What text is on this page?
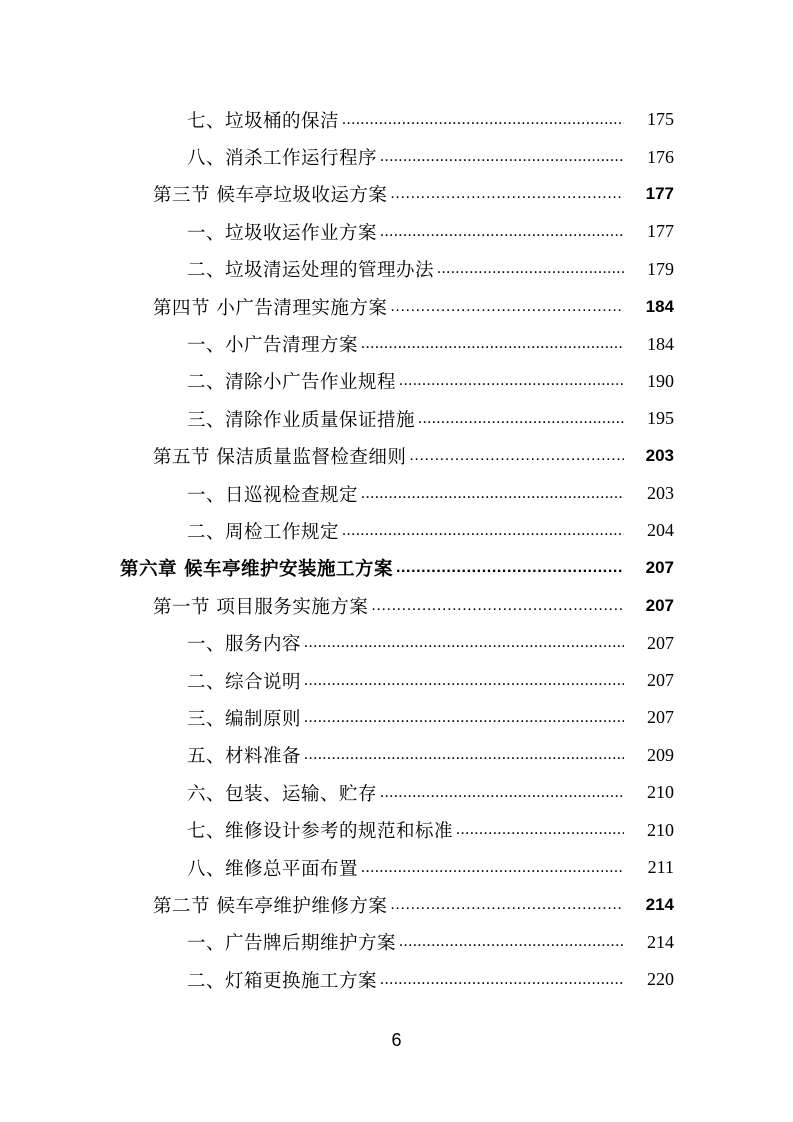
七、垃圾桶的保洁 .....	175
八、消杀工作运行程序 .....	176
第三节 候车亭垃圾收运方案 .....	177
一、垃圾收运作业方案 .....	177
二、垃圾清运处理的管理办法 .....	179
第四节 小广告清理实施方案 .....	184
一、小广告清理方案 .....	184
二、清除小广告作业规程 .....	190
三、清除作业质量保证措施 .....	195
第五节 保洁质量监督检查细则 .....	203
一、日巡视检查规定 .....	203
二、周检工作规定 .....	204
第六章 候车亭维护安装施工方案 .....	207
第一节 项目服务实施方案 .....	207
一、服务内容 .....	207
二、综合说明 .....	207
三、编制原则 .....	207
五、材料准备 .....	209
六、包装、运输、贮存 .....	210
七、维修设计参考的规范和标准 .....	210
八、维修总平面布置 .....	211
第二节 候车亭维护维修方案 .....	214
一、广告牌后期维护方案 .....	214
二、灯箱更换施工方案 .....	220
6
